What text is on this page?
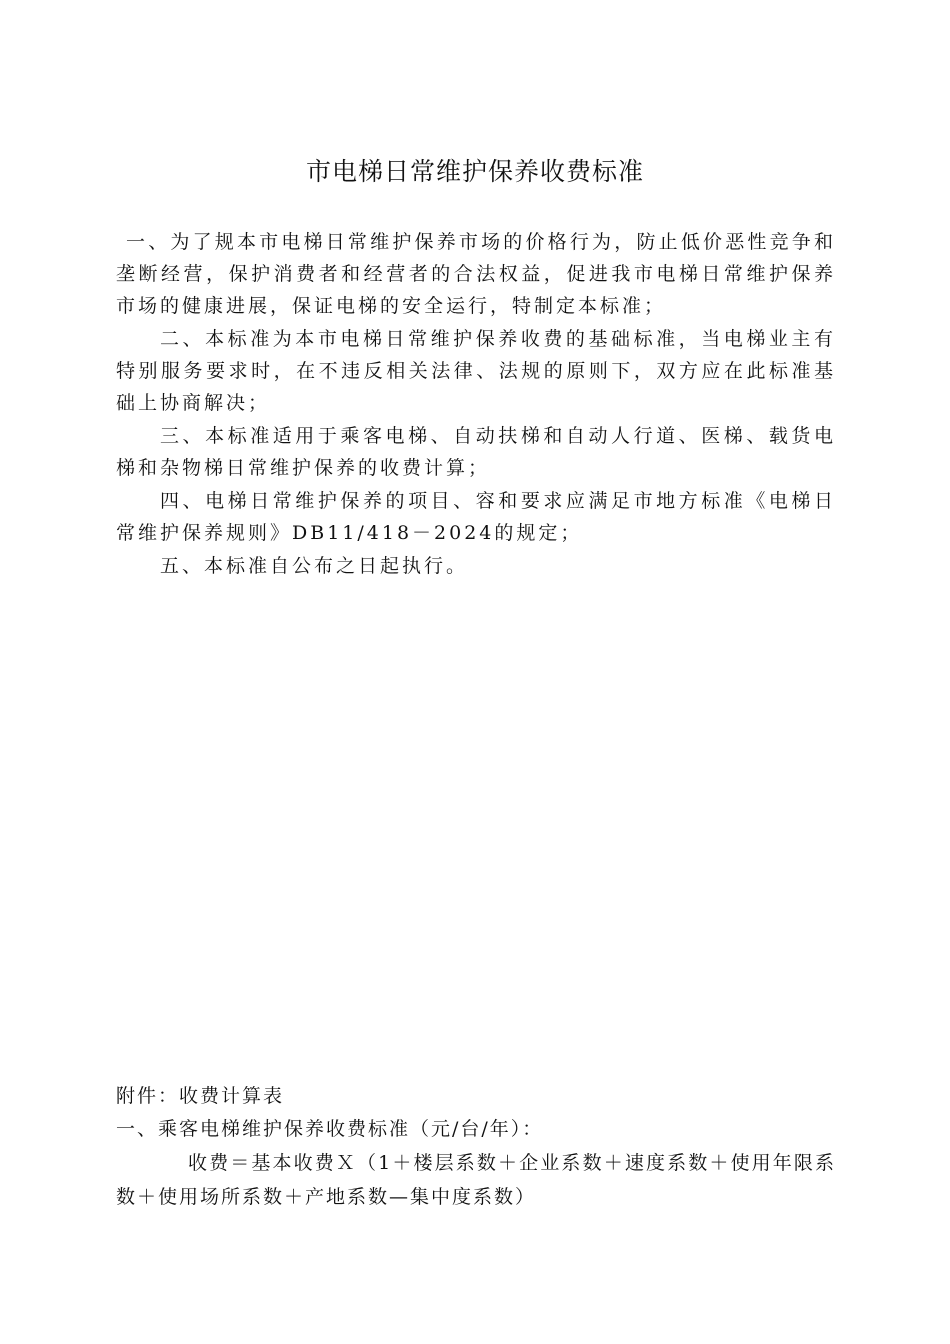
市电梯日常维护保养收费标准

一、为了规本市电梯日常维护保养市场的价格行为，防止低价恶性竞争和垄断经营，保护消费者和经营者的合法权益，促进我市电梯日常维护保养市场的健康进展，保证电梯的安全运行，特制定本标准；

二、本标准为本市电梯日常维护保养收费的基础标准，当电梯业主有特别服务要求时，在不违反相关法律、法规的原则下，双方应在此标准基础上协商解决；

三、本标准适用于乘客电梯、自动扶梯和自动人行道、医梯、载货电梯和杂物梯日常维护保养的收费计算；

四、电梯日常维护保养的项目、容和要求应满足市地方标准《电梯日常维护保养规则》DB11/418－2024的规定；

五、本标准自公布之日起执行。

附件：收费计算表

一、乘客电梯维护保养收费标准（元/台/年）：

收费＝基本收费Ｘ（1＋楼层系数＋企业系数＋速度系数＋使用年限系数＋使用场所系数＋产地系数—集中度系数）
